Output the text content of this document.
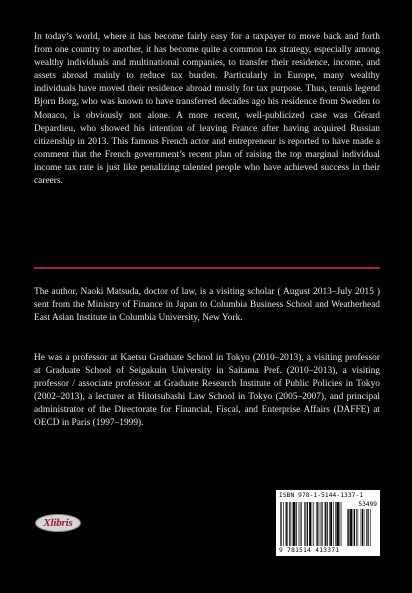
In today’s world, where it has become fairly easy for a taxpayer to move back and forth from one country to another, it has become quite a common tax strategy, especially among wealthy individuals and multinational companies, to transfer their residence, income, and assets abroad mainly to reduce tax burden. Particularly in Europe, many wealthy individuals have moved their residence abroad mostly for tax purpose. Thus, tennis legend Bjorn Borg, who was known to have transferred decades ago his residence from Sweden to Monaco, is obviously not alone. A more recent, well-publicized case was Gérard Depardieu, who showed his intention of leaving France after having acquired Russian citizenship in 2013. This famous French actor and entrepreneur is reported to have made a comment that the French government’s recent plan of raising the top marginal individual income tax rate is just like penalizing talented people who have achieved success in their careers.
The author, Naoki Matsuda, doctor of law, is a visiting scholar ( August 2013–July 2015 ) sent from the Ministry of Finance in Japan to Columbia Business School and Weatherhead East Asian Institute in Columbia University, New York.
He was a professor at Kaetsu Graduate School in Tokyo (2010–2013), a visiting professor at Graduate School of Seigakuin University in Saitama Pref. (2010–2013), a visiting professor / associate professor at Graduate Research Institute of Public Policies in Tokyo (2002–2013), a lecturer at Hitotsubashi Law School in Tokyo (2005–2007), and principal administrator of the Directorate for Financial, Fiscal, and Enterprise Affairs (DAFFE) at OECD in Paris (1997–1999).
Xlibris
ISBN 978-1-5144-1337-1
53499
9 781514 413371
